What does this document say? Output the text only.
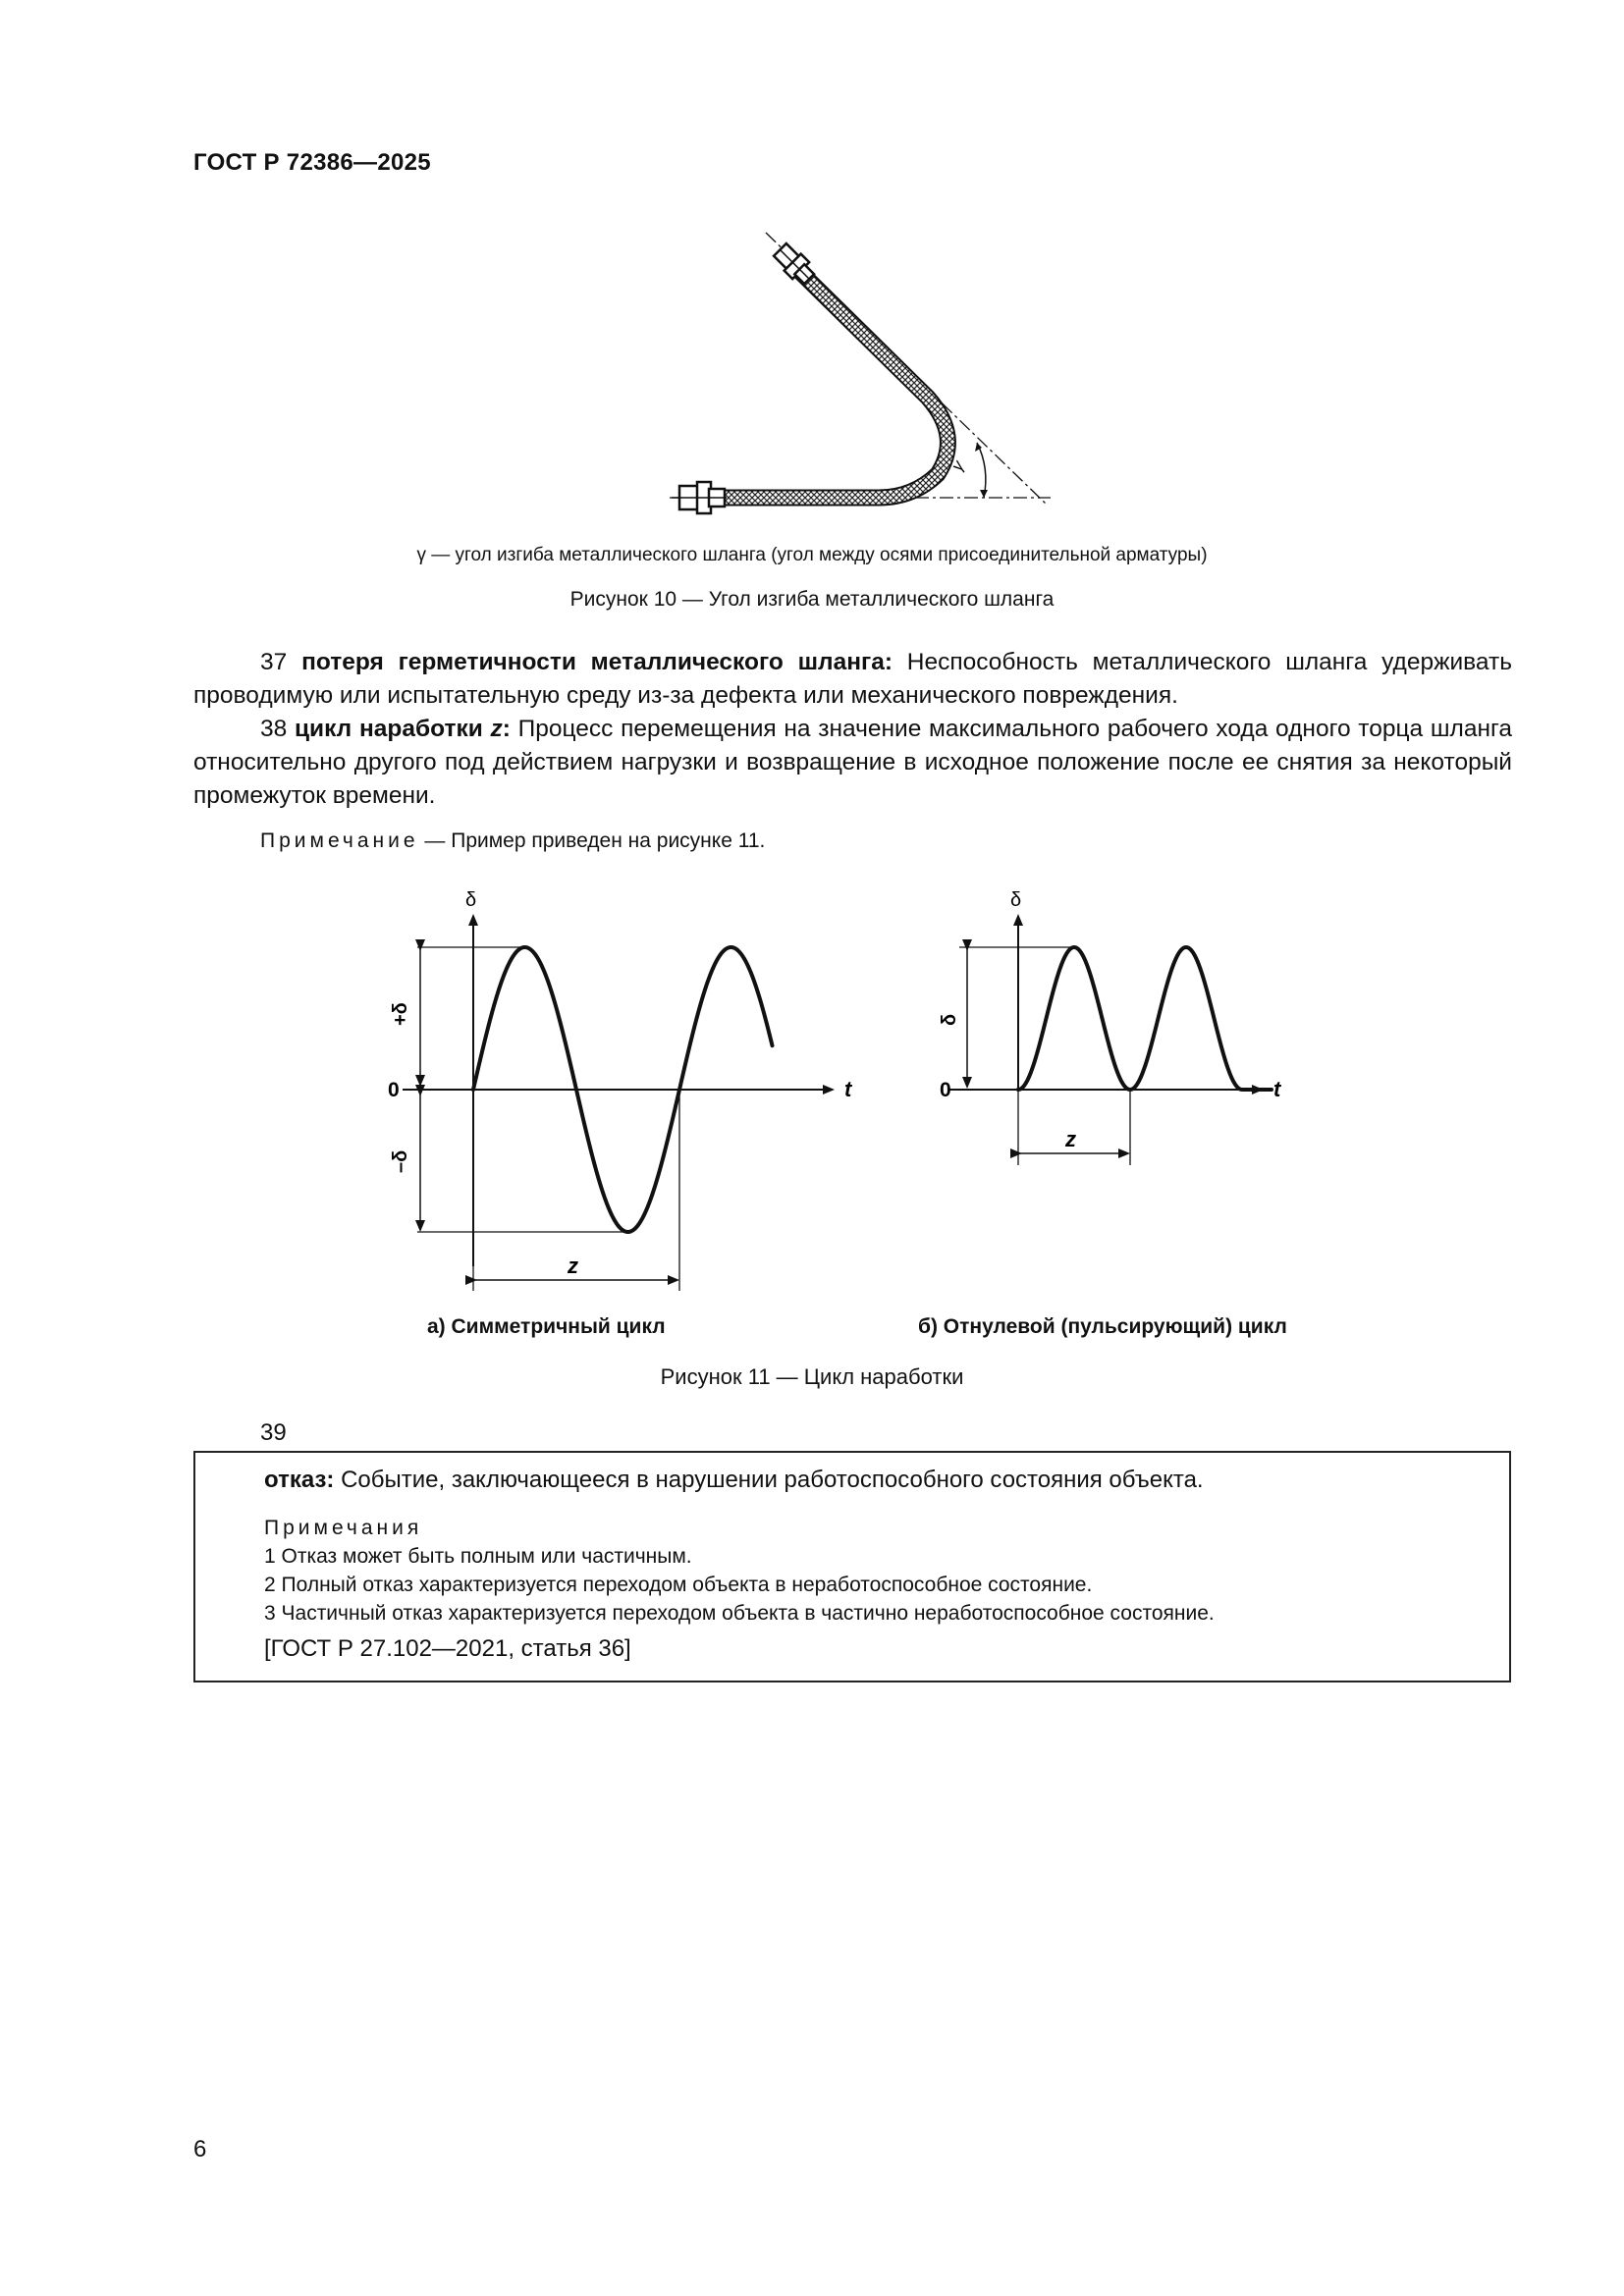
ГОСТ Р 72386—2025
γ
γ — угол изгиба металлического шланга (угол между осями присоединительной арматуры)
Рисунок 10 — Угол изгиба металлического шланга
37 потеря герметичности металлического шланга: Неспособность металлического шланга удерживать проводимую или испытательную среду из-за дефекта или механического повреждения.
38 цикл наработки z: Процесс перемещения на значение максимального рабочего хода одного торца шланга относительно другого под действием нагрузки и возвращение в исходное положение после ее снятия за некоторый промежуток времени.
Примечание — Пример приведен на рисунке 11.
δ
t
0
+δ
–δ
z
δ
t
0
δ
z
а) Симметричный цикл	б) Отнулевой (пульсирующий) цикл
Рисунок 11 — Цикл наработки
39
отказ: Событие, заключающееся в нарушении работоспособного состояния объекта.
Примечания
1 Отказ может быть полным или частичным.
2 Полный отказ характеризуется переходом объекта в неработоспособное состояние.
3 Частичный отказ характеризуется переходом объекта в частично неработоспособное состояние.
[ГОСТ Р 27.102—2021, статья 36]
6
